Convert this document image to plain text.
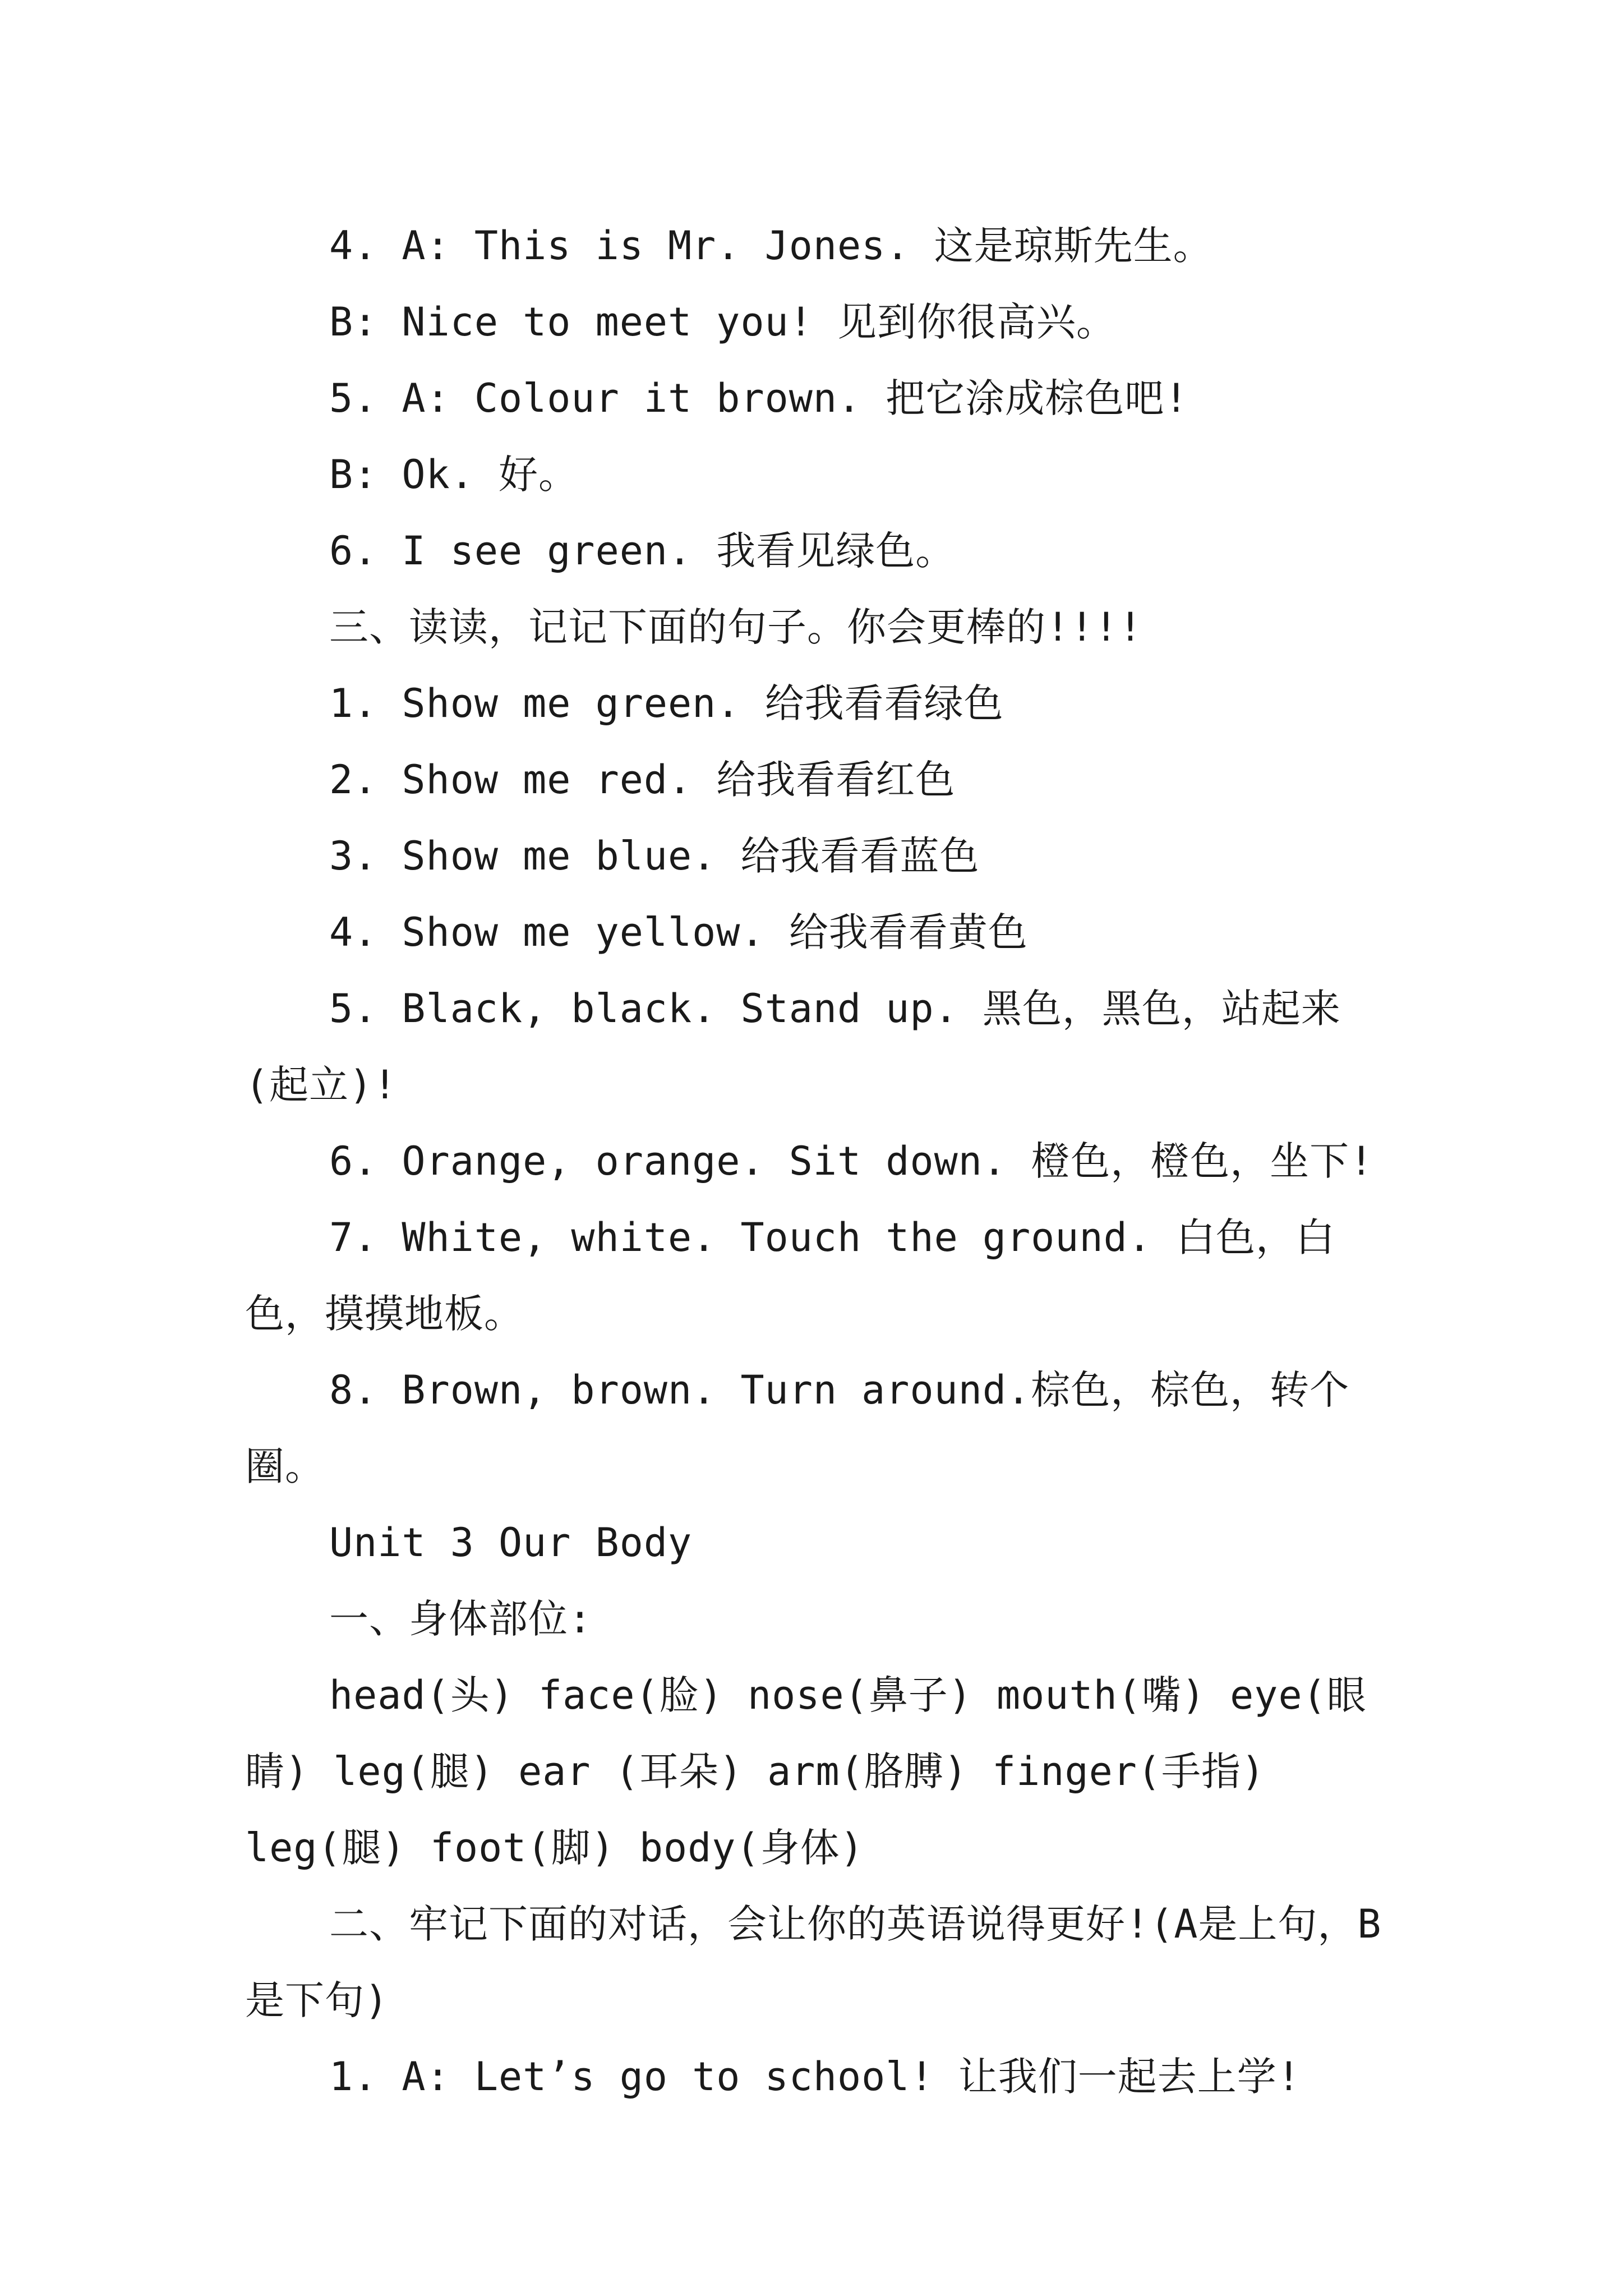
4. A: This is Mr. Jones. 这是琼斯先生。

B: Nice to meet you! 见到你很高兴。

5. A: Colour it brown. 把它涂成棕色吧!

B: Ok. 好。

6. I see green. 我看见绿色。

三、读读，记记下面的句子。你会更棒的!!!!

1. Show me green. 给我看看绿色

2. Show me red. 给我看看红色

3. Show me blue. 给我看看蓝色

4. Show me yellow. 给我看看黄色

5. Black, black. Stand up. 黑色，黑色，站起来(起立)!

6. Orange, orange. Sit down. 橙色，橙色，坐下!

7. White, white. Touch the ground. 白色，白色，摸摸地板。

8. Brown, brown. Turn around.棕色，棕色，转个圈。

Unit 3 Our Body

一、身体部位:

head(头) face(脸) nose(鼻子) mouth(嘴) eye(眼睛) leg(腿) ear (耳朵) arm(胳膊) finger(手指) leg(腿) foot(脚) body(身体)

二、牢记下面的对话，会让你的英语说得更好!(A是上句，B是下句)

1. A: Let’s go to school! 让我们一起去上学!
